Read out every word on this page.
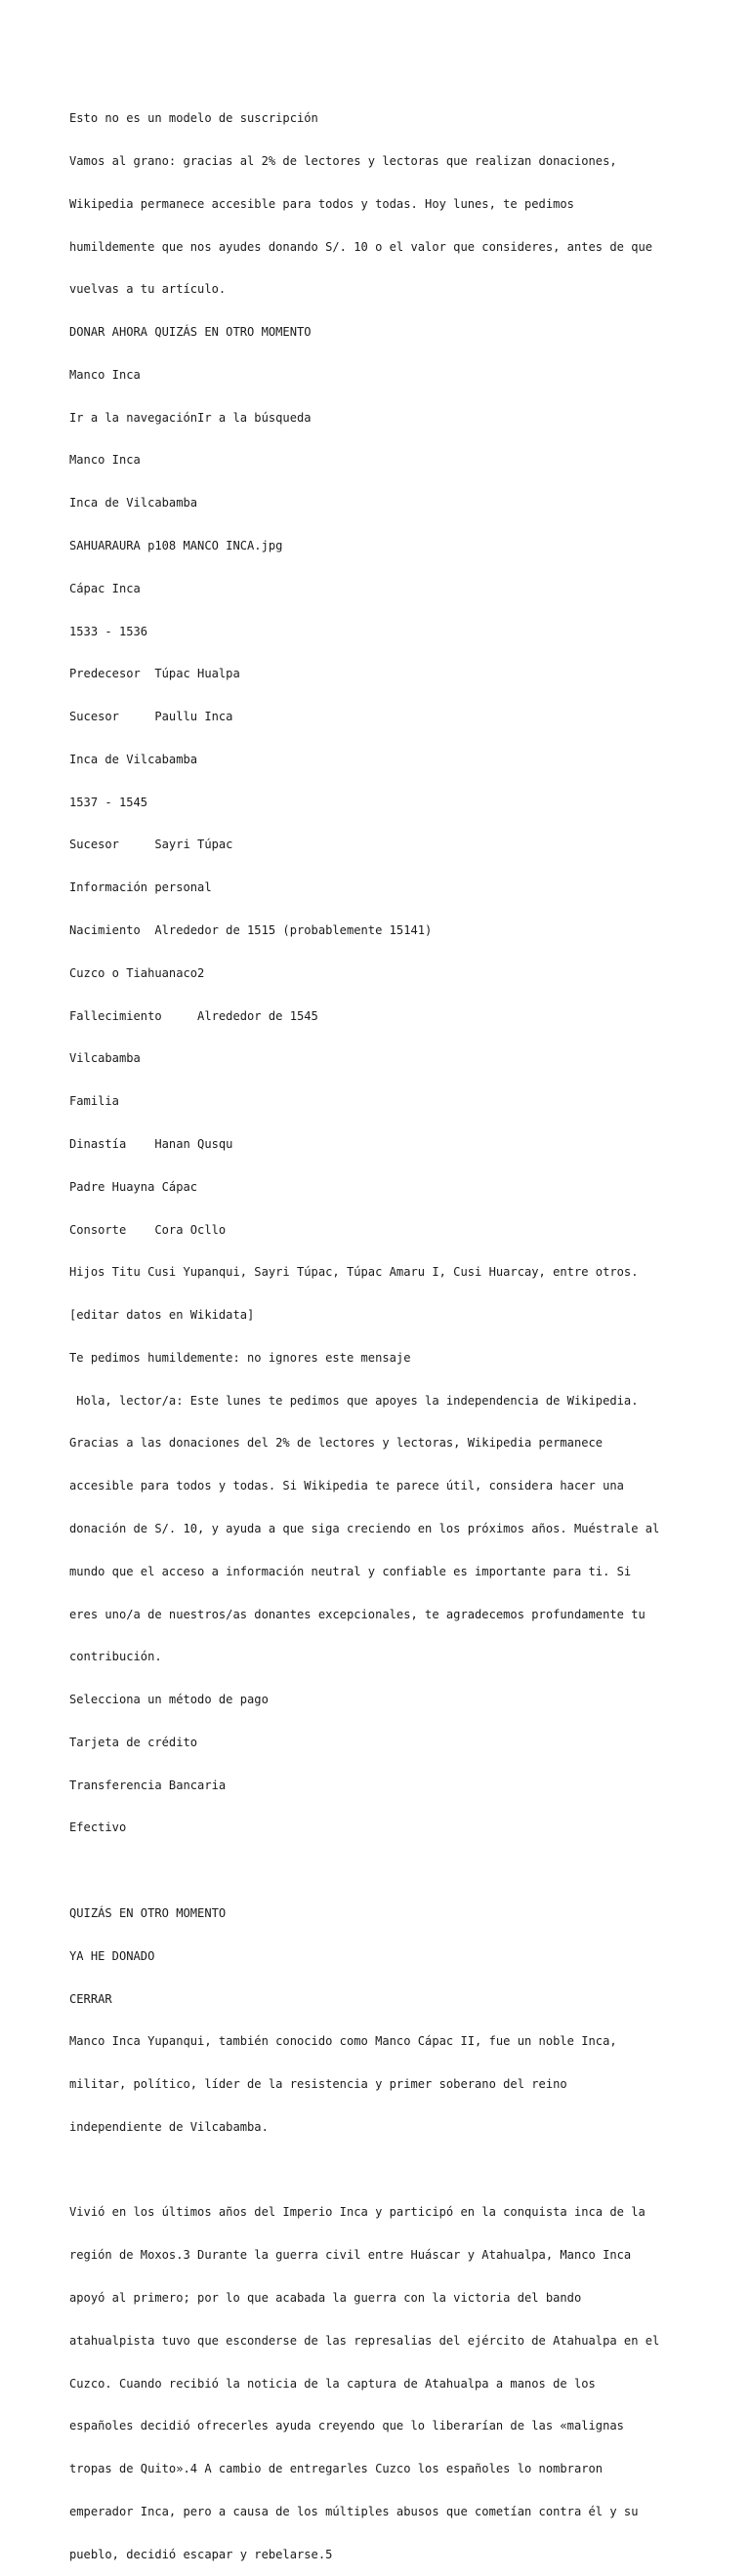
Esto no es un modelo de suscripción

Vamos al grano: gracias al 2% de lectores y lectoras que realizan donaciones,

Wikipedia permanece accesible para todos y todas. Hoy lunes, te pedimos

humildemente que nos ayudes donando S/. 10 o el valor que consideres, antes de que

vuelvas a tu artículo.

DONAR AHORA QUIZÁS EN OTRO MOMENTO

Manco Inca

Ir a la navegaciónIr a la búsqueda

Manco Inca

Inca de Vilcabamba

SAHUARAURA p108 MANCO INCA.jpg

Cápac Inca

1533 - 1536

Predecesor  Túpac Hualpa

Sucesor     Paullu Inca

Inca de Vilcabamba

1537 - 1545

Sucesor     Sayri Túpac

Información personal

Nacimiento  Alrededor de 1515 (probablemente 15141)

Cuzco o Tiahuanaco2

Fallecimiento     Alrededor de 1545

Vilcabamba

Familia

Dinastía    Hanan Qusqu

Padre Huayna Cápac

Consorte    Cora Ocllo

Hijos Titu Cusi Yupanqui, Sayri Túpac, Túpac Amaru I, Cusi Huarcay, entre otros.

[editar datos en Wikidata]

Te pedimos humildemente: no ignores este mensaje

Hola, lector/a: Este lunes te pedimos que apoyes la independencia de Wikipedia.

Gracias a las donaciones del 2% de lectores y lectoras, Wikipedia permanece

accesible para todos y todas. Si Wikipedia te parece útil, considera hacer una

donación de S/. 10, y ayuda a que siga creciendo en los próximos años. Muéstrale al

mundo que el acceso a información neutral y confiable es importante para ti. Si

eres uno/a de nuestros/as donantes excepcionales, te agradecemos profundamente tu

contribución.

Selecciona un método de pago

Tarjeta de crédito

Transferencia Bancaria

Efectivo

QUIZÁS EN OTRO MOMENTO

YA HE DONADO

CERRAR

Manco Inca Yupanqui, también conocido como Manco Cápac II, fue un noble Inca,

militar, político, líder de la resistencia y primer soberano del reino

independiente de Vilcabamba.

Vivió en los últimos años del Imperio Inca y participó en la conquista inca de la

región de Moxos.3 Durante la guerra civil entre Huáscar y Atahualpa, Manco Inca

apoyó al primero; por lo que acabada la guerra con la victoria del bando

atahualpista tuvo que esconderse de las represalias del ejército de Atahualpa en el

Cuzco. Cuando recibió la noticia de la captura de Atahualpa a manos de los

españoles decidió ofrecerles ayuda creyendo que lo liberarían de las «malignas

tropas de Quito».4 A cambio de entregarles Cuzco los españoles lo nombraron

emperador Inca, pero a causa de los múltiples abusos que cometían contra él y su

pueblo, decidió escapar y rebelarse.5
